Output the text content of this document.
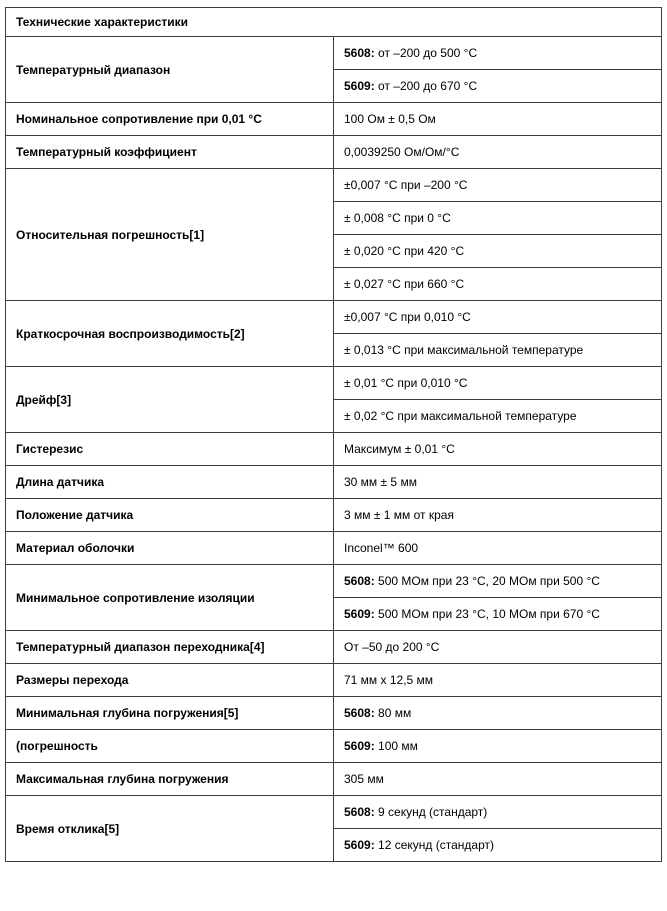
Технические характеристики	
Температурный диапазон	5608: от –200 до 500 °C
	5609: от –200 до 670 °C
Номинальное сопротивление при 0,01 °C	100 Ом ± 0,5 Ом
Температурный коэффициент	0,0039250 Ом/Ом/°C
Относительная погрешность[1]	±0,007 °C при –200 °C
	± 0,008 °C при 0 °C
	± 0,020 °C при 420 °C
	± 0,027 °C при 660 °C
Краткосрочная воспроизводимость[2]	±0,007 °C при 0,010 °C
	± 0,013 °C при максимальной температуре
Дрейф[3]	± 0,01 °C при 0,010 °C
	± 0,02 °C при максимальной температуре
Гистерезис	Максимум ± 0,01 °C
Длина датчика	30 мм ± 5 мм
Положение датчика	3 мм ± 1 мм от края
Материал оболочки	Inconel™ 600
Минимальное сопротивление изоляции	5608: 500 МОм при 23 °C, 20 МОм при 500 °C
	5609: 500 МОм при 23 °C, 10 МОм при 670 °C
Температурный диапазон переходника[4]	От –50 до 200 °C
Размеры перехода	71 мм x 12,5 мм
Минимальная глубина погружения[5]	5608: 80 мм
(погрешность	5609: 100 мм
Максимальная глубина погружения	305 мм
Время отклика[5]	5608: 9 секунд (стандарт)
	5609: 12 секунд (стандарт)
